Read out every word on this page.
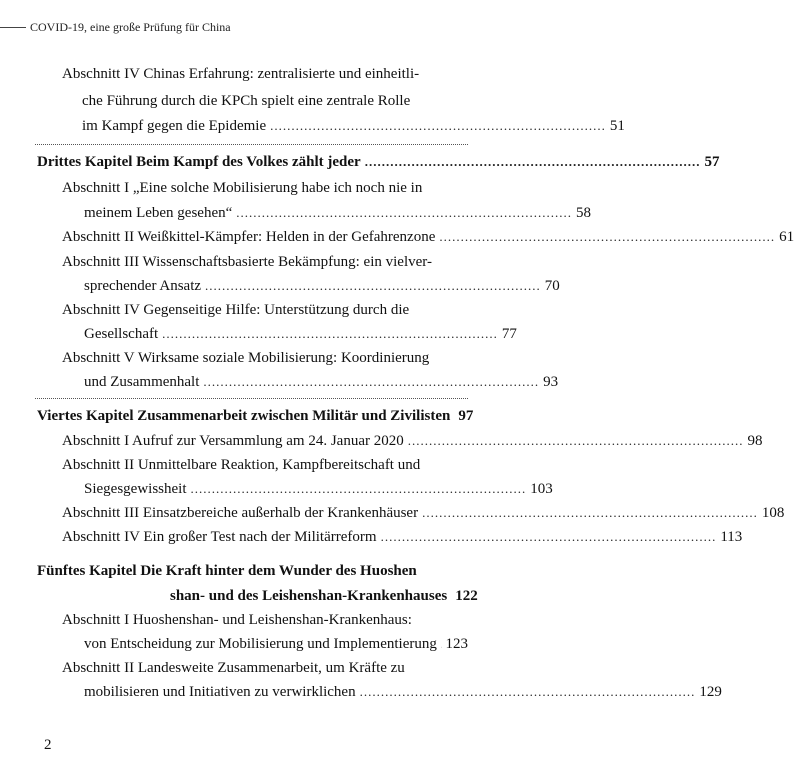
COVID-19, eine große Prüfung für China
Abschnitt IV Chinas Erfahrung: zentralisierte und einheitli-
che Führung durch die KPCh spielt eine zentrale Rolle
im Kampf gegen die Epidemie ............................................................................... 51
Drittes Kapitel Beim Kampf des Volkes zählt jeder ............................................................................... 57
Abschnitt I „Eine solche Mobilisierung habe ich noch nie in
meinem Leben gesehen“ ............................................................................... 58
Abschnitt II Weißkittel-Kämpfer: Helden in der Gefahrenzone ............................................................................... 61
Abschnitt III Wissenschaftsbasierte Bekämpfung: ein vielver-
sprechender Ansatz ............................................................................... 70
Abschnitt IV Gegenseitige Hilfe: Unterstützung durch die
Gesellschaft ............................................................................... 77
Abschnitt V Wirksame soziale Mobilisierung: Koordinierung
und Zusammenhalt ............................................................................... 93
Viertes Kapitel Zusammenarbeit zwischen Militär und Zivilisten 97
Abschnitt I Aufruf zur Versammlung am 24. Januar 2020 ............................................................................... 98
Abschnitt II Unmittelbare Reaktion, Kampfbereitschaft und
Siegesgewissheit ............................................................................... 103
Abschnitt III Einsatzbereiche außerhalb der Krankenhäuser ............................................................................... 108
Abschnitt IV Ein großer Test nach der Militärreform ............................................................................... 113
Fünftes Kapitel Die Kraft hinter dem Wunder des Huoshen
shan- und des Leishenshan-Krankenhauses 122
Abschnitt I Huoshenshan- und Leishenshan-Krankenhaus:
von Entscheidung zur Mobilisierung und Implementierung 123
Abschnitt II Landesweite Zusammenarbeit, um Kräfte zu
mobilisieren und Initiativen zu verwirklichen ............................................................................... 129
2
